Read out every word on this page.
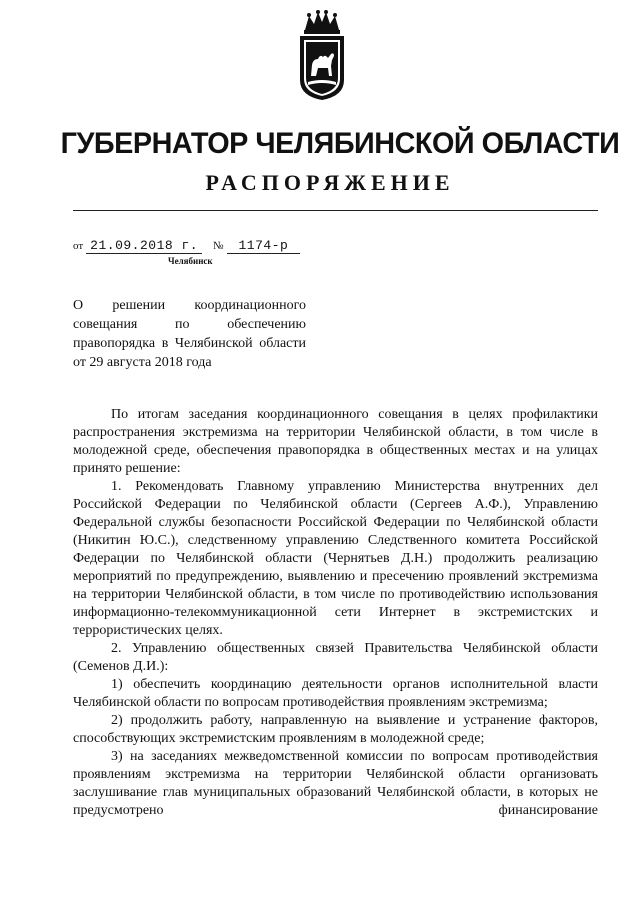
ГУБЕРНАТОР ЧЕЛЯБИНСКОЙ ОБЛАСТИ
РАСПОРЯЖЕНИЕ
от 21.09.2018 г.	№ 1174-р
Челябинск
О решении координационного совещания по обеспечению правопорядка в Челябинской области от 29 августа 2018 года

По итогам заседания координационного совещания в целях профилактики распространения экстремизма на территории Челябинской области, в том числе в молодежной среде, обеспечения правопорядка в общественных местах и на улицах принято решение:

1. Рекомендовать Главному управлению Министерства внутренних дел Российской Федерации по Челябинской области (Сергеев А.Ф.), Управлению Федеральной службы безопасности Российской Федерации по Челябинской области (Никитин Ю.С.), следственному управлению Следственного комитета Российской Федерации по Челябинской области (Чернятьев Д.Н.) продолжить реализацию мероприятий по предупреждению, выявлению и пресечению проявлений экстремизма на территории Челябинской области, в том числе по противодействию использования информационно-телекоммуникационной сети Интернет в экстремистских и террористических целях.

2. Управлению общественных связей Правительства Челябинской области (Семенов Д.И.):

1) обеспечить координацию деятельности органов исполнительной власти Челябинской области по вопросам противодействия проявлениям экстремизма;

2) продолжить работу, направленную на выявление и устранение факторов, способствующих экстремистским проявлениям в молодежной среде;

3) на заседаниях межведомственной комиссии по вопросам противодействия проявлениям экстремизма на территории Челябинской области организовать заслушивание глав муниципальных образований Челябинской области, в которых не предусмотрено финансирование
